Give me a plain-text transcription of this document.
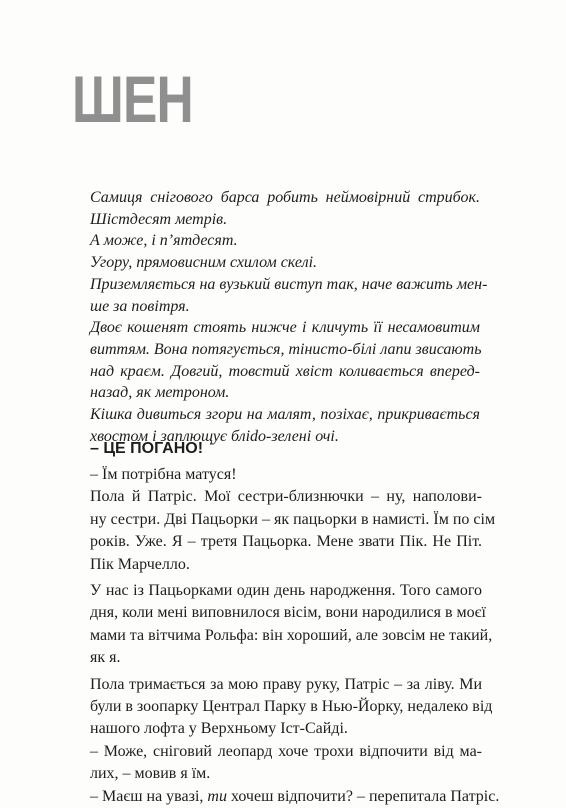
ШЕН
Самиця снігового барса робить неймовірний стрибок.
Шістдесят метрів.
А може, і п’ятдесят.
Угору, прямовисним схилом скелі.
Приземляється на вузький виступ так, наче важить мен-
ше за повітря.
Двоє кошенят стоять нижче і кличуть її несамовитим
виттям. Вона потягується, тінисто-білі лапи звисають
над краєм. Довгий, товстий хвіст коливається вперед-
назад, як метроном.
Кішка дивиться згори на малят, позіхає, прикривається
хвостом і заплющує бліdo-зелені очі.
– ЦЕ ПОГАНО!
– Їм потрібна матуся!
Пола й Патріс. Мої сестри-близнючки – ну, наполови-
ну сестри. Дві Пацьорки – як пацьорки в намисті. Їм по сім
років. Уже. Я – третя Пацьорка. Мене звати Пік. Не Піт.
Пік Марчелло.
У нас із Пацьорками один день народження. Того самого
дня, коли мені виповнилося вісім, вони народилися в моєї
мами та вітчима Рольфа: він хороший, але зовсім не такий,
як я.
Пола тримається за мою праву руку, Патріс – за ліву. Ми
були в зоопарку Централ Парку в Нью-Йорку, недалеко від
нашого лофта у Верхньому Іст-Сайді.
– Може, сніговий леопард хоче трохи відпочити від ма-
лих, – мовив я їм.
– Маєш на увазі, ти хочеш відпочити? – перепитала Патріс.
